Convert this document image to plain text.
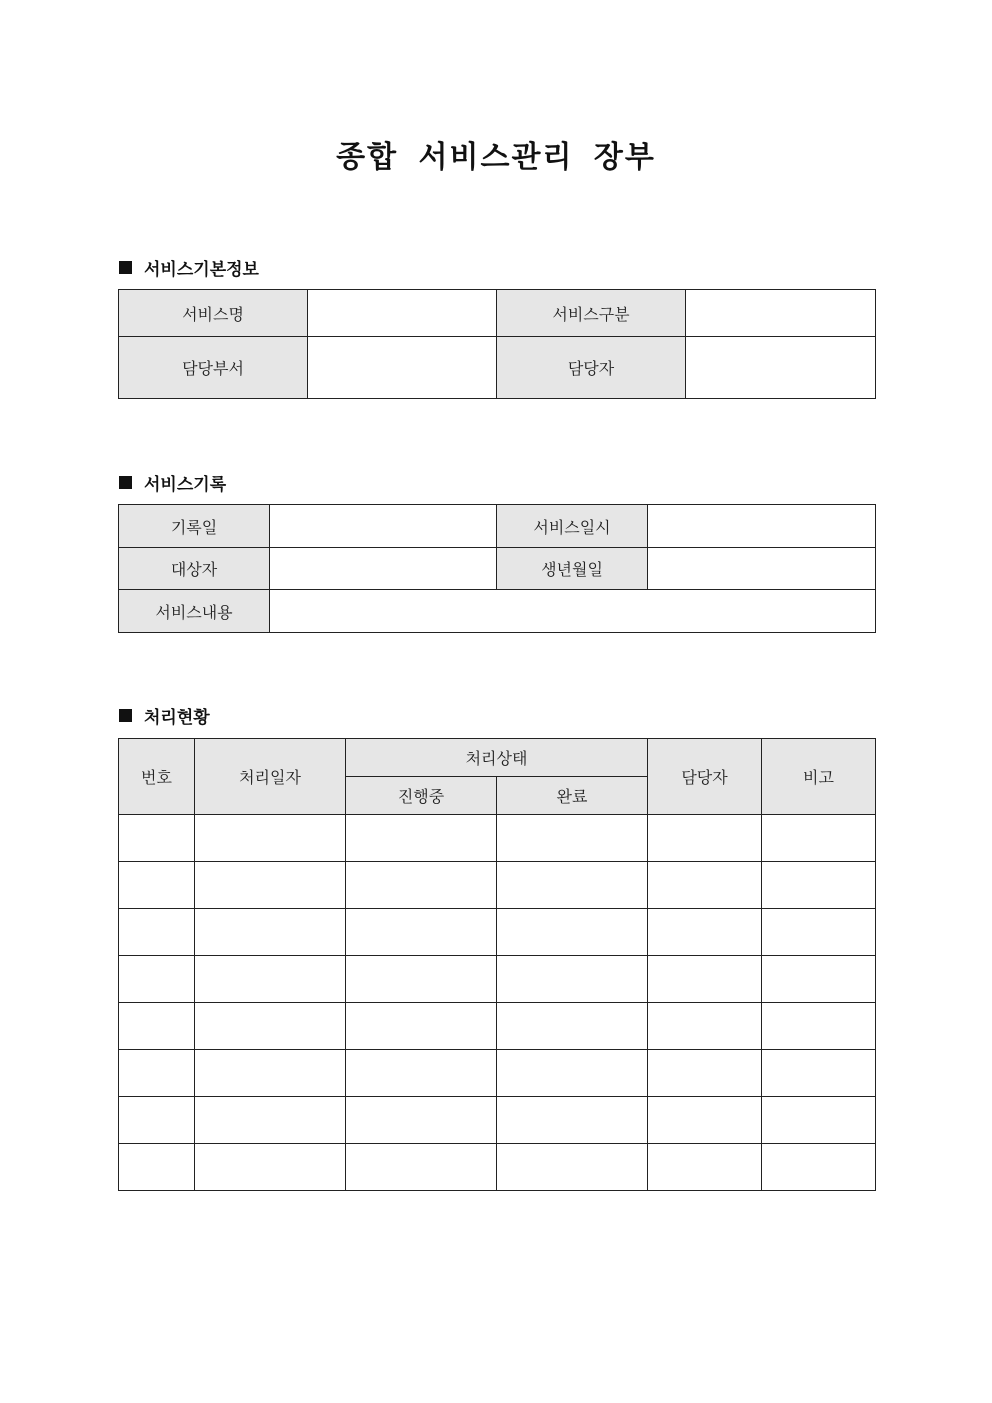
종합 서비스관리 장부
서비스기본정보
서비스명		서비스구분	
담당부서		담당자	
서비스기록
기록일		서비스일시	
대상자		생년월일	
서비스내용			
처리현황
번호	처리일자	처리상태		담당자	비고
		진행중	완료		
